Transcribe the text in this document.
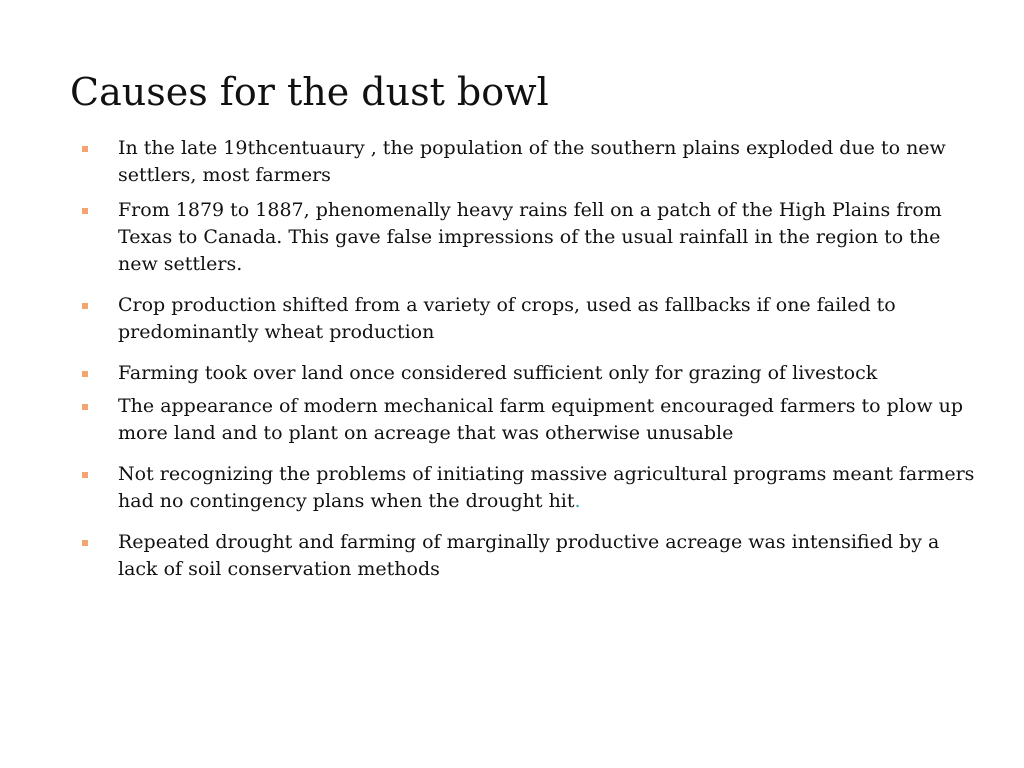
Causes for the dust bowl
In the late 19thcentuaury , the population of the southern plains exploded due to new settlers, most farmers
From 1879 to 1887, phenomenally heavy rains fell on a patch of the High Plains from Texas to Canada. This gave false impressions of the usual rainfall in the region to the new settlers.
Crop production shifted from a variety of crops, used as fallbacks if one failed to predominantly wheat production
Farming took over land once considered sufficient only for grazing of livestock
The appearance of modern mechanical farm equipment encouraged farmers to plow up more land and to plant on acreage that was otherwise unusable
Not recognizing the problems of initiating massive agricultural programs meant farmers had no contingency plans when the drought hit.
Repeated drought and farming of marginally productive acreage was intensified by a lack of soil conservation methods
